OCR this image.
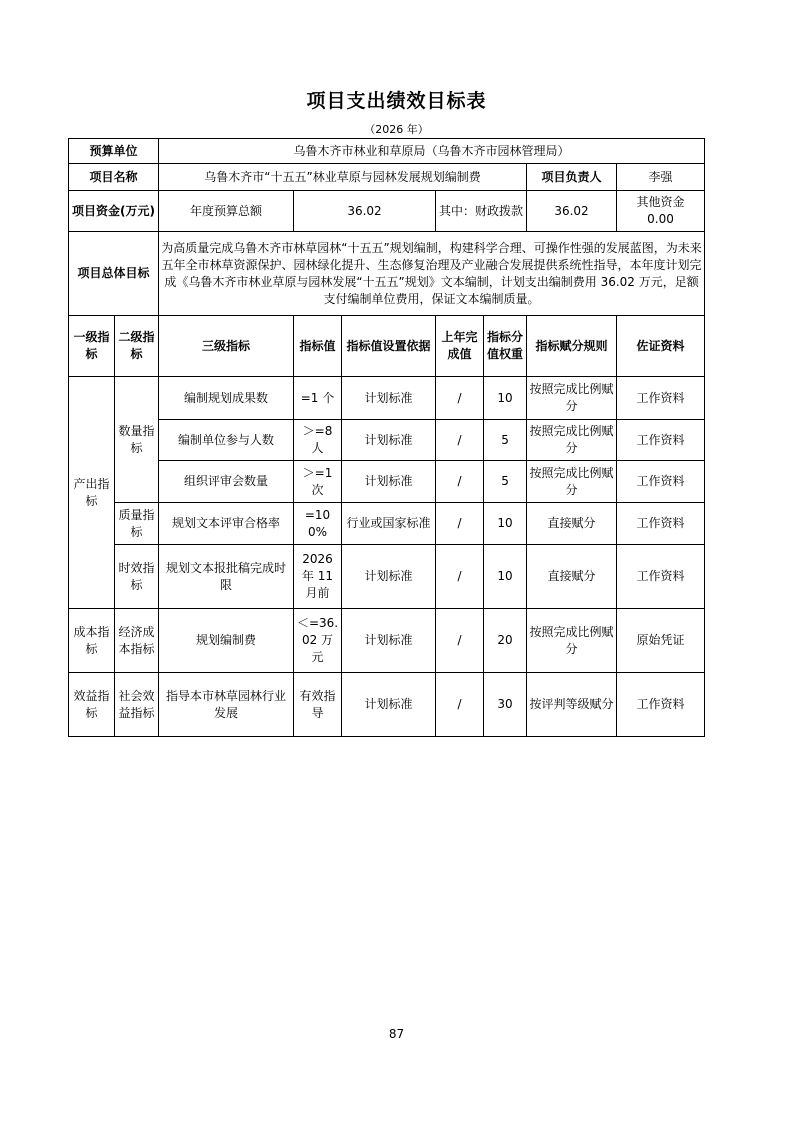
项目支出绩效目标表
（2026 年）
预算单位		乌鲁木齐市林业和草原局（乌鲁木齐市园林管理局）						
项目名称		乌鲁木齐市“十五五”林业草原与园林发展规划编制费					项目负责人	李强
项目资金(万元)		年度预算总额	36.02		其中：财政拨款		36.02	其他资金　　0.00
项目总体目标		为高质量完成乌鲁木齐市林草园林“十五五”规划编制，构建科学合理、可操作性强的发展蓝图，为未来五年全市林草资源保护、园林绿化提升、生态修复治理及产业融合发展提供系统性指导，本年度计划完成《乌鲁木齐市林业草原与园林发展“十五五”规划》文本编制，计划支出编制费用 36.02 万元，足额支付编制单位费用，保证文本编制质量。						
一级指标	二级指标	三级指标	指标值	指标值设置依据	上年完成值	指标分值权重	指标赋分规则	佐证资料
产出指标	数量指标	编制规划成果数	=1 个	计划标准	/	10	按照完成比例赋分	工作资料
		编制单位参与人数	＞=8 人	计划标准	/	5	按照完成比例赋分	工作资料
		组织评审会数量	＞=1 次	计划标准	/	5	按照完成比例赋分	工作资料
	质量指标	规划文本评审合格率	=100%	行业或国家标准	/	10	直接赋分	工作资料
	时效指标	规划文本报批稿完成时限	2026 年 11 月前	计划标准	/	10	直接赋分	工作资料
成本指标	经济成本指标	规划编制费	＜=36.02 万元	计划标准	/	20	按照完成比例赋分	原始凭证
效益指标	社会效益指标	指导本市林草园林行业发展	有效指导	计划标准	/	30	按评判等级赋分	工作资料
87
